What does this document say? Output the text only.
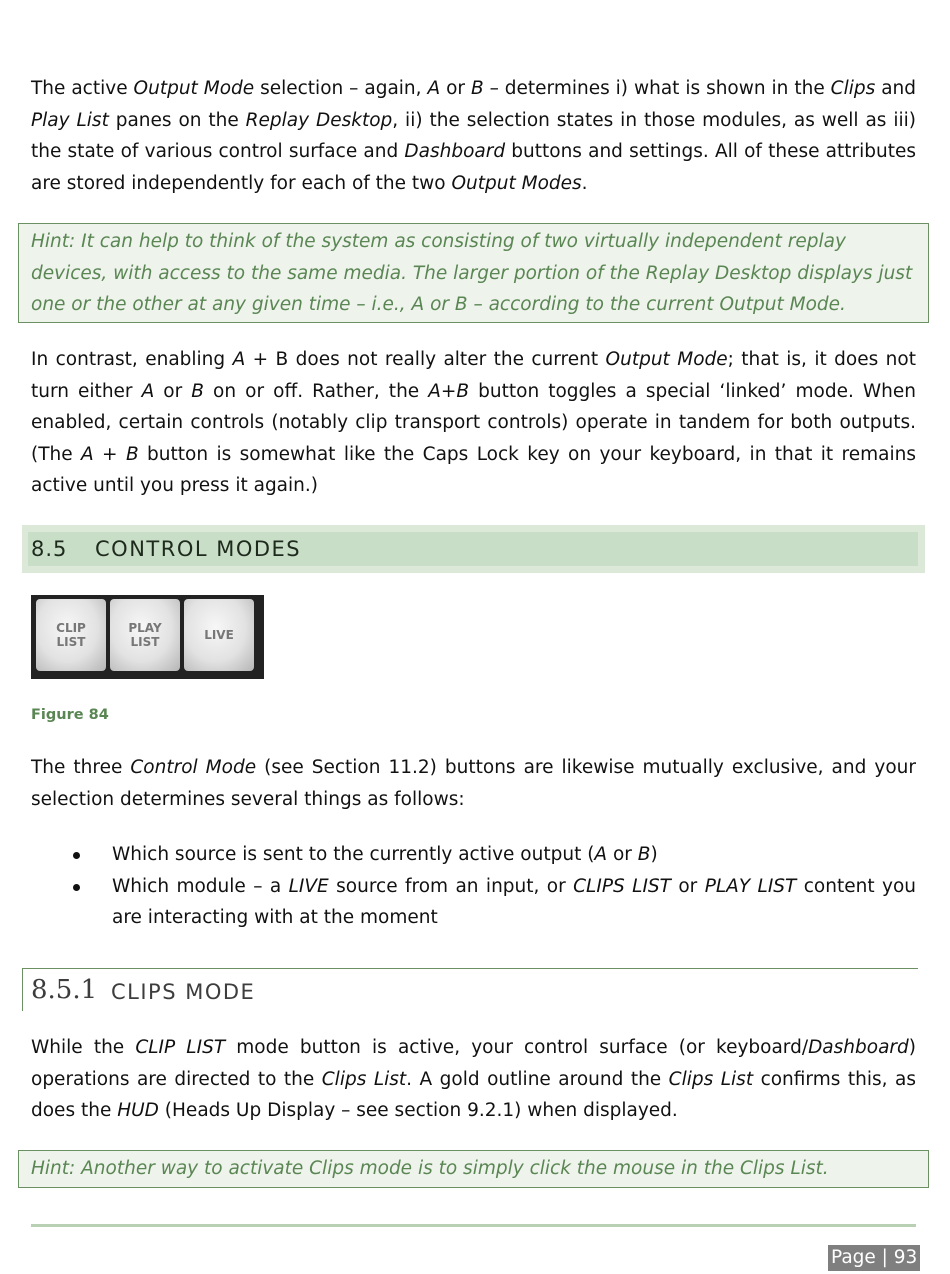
The active Output Mode selection – again, A or B – determines i) what is shown in the Clips and Play List panes on the Replay Desktop, ii) the selection states in those modules, as well as iii) the state of various control surface and Dashboard buttons and settings. All of these attributes are stored independently for each of the two Output Modes.
Hint: It can help to think of the system as consisting of two virtually independent replay devices, with access to the same media. The larger portion of the Replay Desktop displays just one or the other at any given time – i.e., A or B – according to the current Output Mode.
In contrast, enabling A + B does not really alter the current Output Mode; that is, it does not turn either A or B on or off. Rather, the A+B button toggles a special ‘linked’ mode. When enabled, certain controls (notably clip transport controls) operate in tandem for both outputs. (The A + B button is somewhat like the Caps Lock key on your keyboard, in that it remains active until you press it again.)
8.5 CONTROL MODES
CLIP
LIST
PLAY
LIST	LIVE
Figure 84
The three Control Mode (see Section 11.2) buttons are likewise mutually exclusive, and your selection determines several things as follows:
Which source is sent to the currently active output (A or B)
Which module – a LIVE source from an input, or CLIPS LIST or PLAY LIST content you are interacting with at the moment
8.5.1 CLIPS MODE
While the CLIP LIST mode button is active, your control surface (or keyboard/Dashboard) operations are directed to the Clips List. A gold outline around the Clips List confirms this, as does the HUD (Heads Up Display – see section 9.2.1) when displayed.
Hint: Another way to activate Clips mode is to simply click the mouse in the Clips List.
Page | 93
